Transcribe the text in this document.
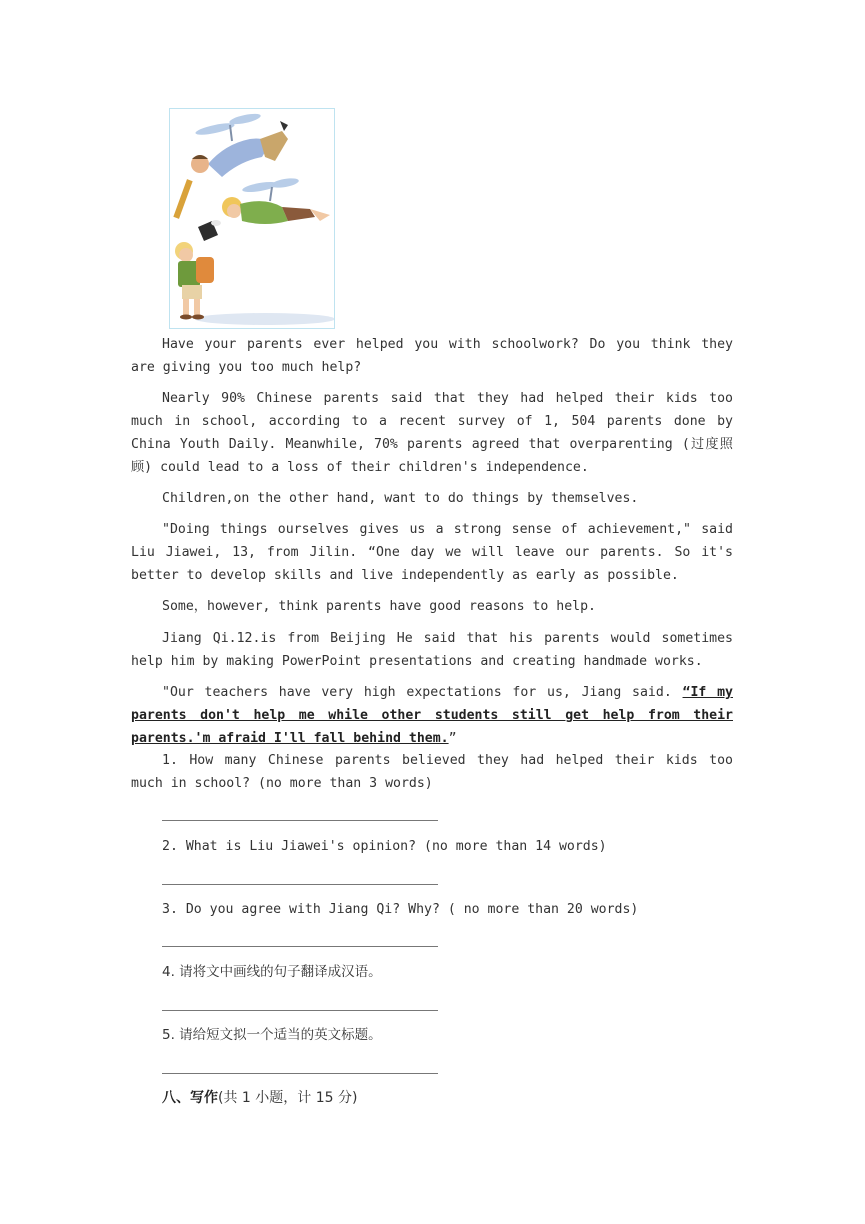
Have your parents ever helped you with schoolwork? Do you think they are giving you too much help?

Nearly 90% Chinese parents said that they had helped their kids too much in school, according to a recent survey of 1, 504 parents done by China Youth Daily. Meanwhile, 70% parents agreed that overparenting (过度照顾) could lead to a loss of their children's independence.

Children,on the other hand, want to do things by themselves.

"Doing things ourselves gives us a strong sense of achievement," said Liu Jiawei, 13, from Jilin. “One day we will leave our parents. So it's better to develop skills and live independently as early as possible.

Some，however, think parents have good reasons to help.

Jiang Qi.12.is from Beijing He said that his parents would sometimes help him by making PowerPoint presentations and creating handmade works.

"Our teachers have very high expectations for us, Jiang said. “If my parents don't help me while other students still get help from their parents.'m afraid I'll fall behind them.”

1. How many Chinese parents believed they had helped their kids too much in school? (no more than 3 words)

2. What is Liu Jiawei's opinion? (no more than 14 words)
3. Do you agree with Jiang Qi? Why? ( no more than 20 words)
4. 请将文中画线的句子翻译成汉语。
5. 请给短文拟一个适当的英文标题。
八、写作(共 1 小题，计 15 分)
